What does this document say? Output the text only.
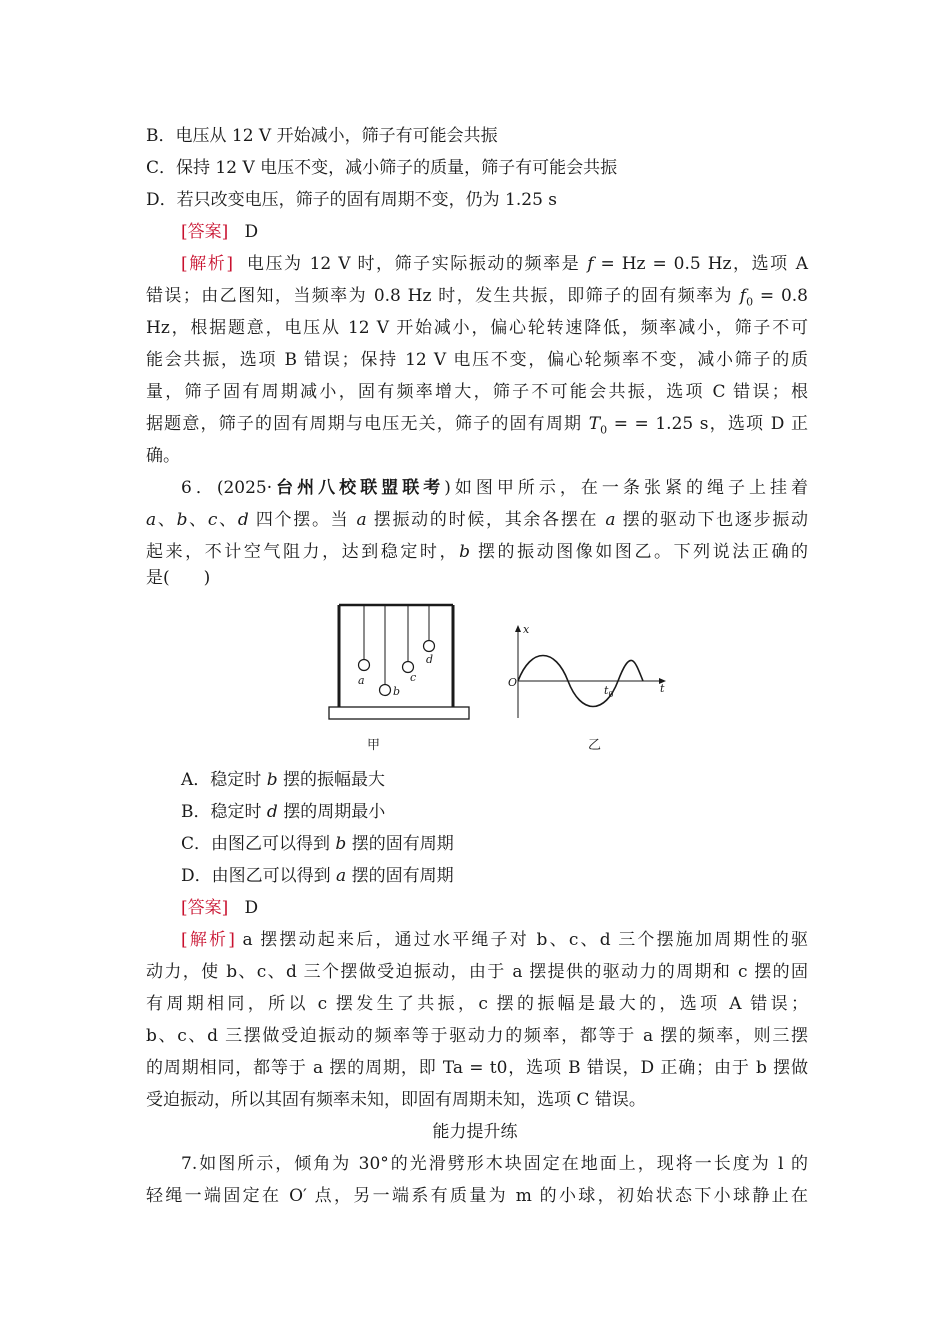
B．电压从 12 V 开始减小，筛子有可能会共振
C．保持 12 V 电压不变，减小筛子的质量，筛子有可能会共振
D．若只改变电压，筛子的固有周期不变，仍为 1.25 s
[答案] D
[解析] 电压为 12 V 时，筛子实际振动的频率是 f = Hz = 0.5 Hz，选项 A
错误；由乙图知，当频率为 0.8 Hz 时，发生共振，即筛子的固有频率为 $f_0 = 0.8$
Hz，根据题意，电压从 12 V 开始减小，偏心轮转速降低，频率减小，筛子不可
能会共振，选项 B 错误；保持 12 V 电压不变，偏心轮频率不变，减小筛子的质
量，筛子固有周期减小，固有频率增大，筛子不可能会共振，选项 C 错误；根
据题意，筛子的固有周期与电压无关，筛子的固有周期 $T_0$ = = 1.25 s，选项 D 正
确。
6．(2025·台州八校联盟联考)如图甲所示，在一条张紧的绳子上挂着
a、b、c、d 四个摆。当 a 摆振动的时候，其余各摆在 a 摆的驱动下也逐步振动
起来，不计空气阻力，达到稳定时，b 摆的振动图像如图乙。下列说法正确的
是(　　)
a
b
c
d
x
O	t
$t_0$
甲	乙
A．稳定时 b 摆的振幅最大
B．稳定时 d 摆的周期最小
C．由图乙可以得到 b 摆的固有周期
D．由图乙可以得到 a 摆的固有周期
[答案] D
[解析] a 摆摆动起来后，通过水平绳子对 b、c、d 三个摆施加周期性的驱
动力，使 b、c、d 三个摆做受迫振动，由于 a 摆提供的驱动力的周期和 c 摆的固
有周期相同，所以 c 摆发生了共振，c 摆的振幅是最大的，选项 A 错误；
b、c、d 三摆做受迫振动的频率等于驱动力的频率，都等于 a 摆的频率，则三摆
的周期相同，都等于 a 摆的周期，即 Ta = t0，选项 B 错误，D 正确；由于 b 摆做
受迫振动，所以其固有频率未知，即固有周期未知，选项 C 错误。
能力提升练
7.如图所示，倾角为 30°的光滑劈形木块固定在地面上，现将一长度为 l 的
轻绳一端固定在 O′ 点，另一端系有质量为 m 的小球，初始状态下小球静止在
